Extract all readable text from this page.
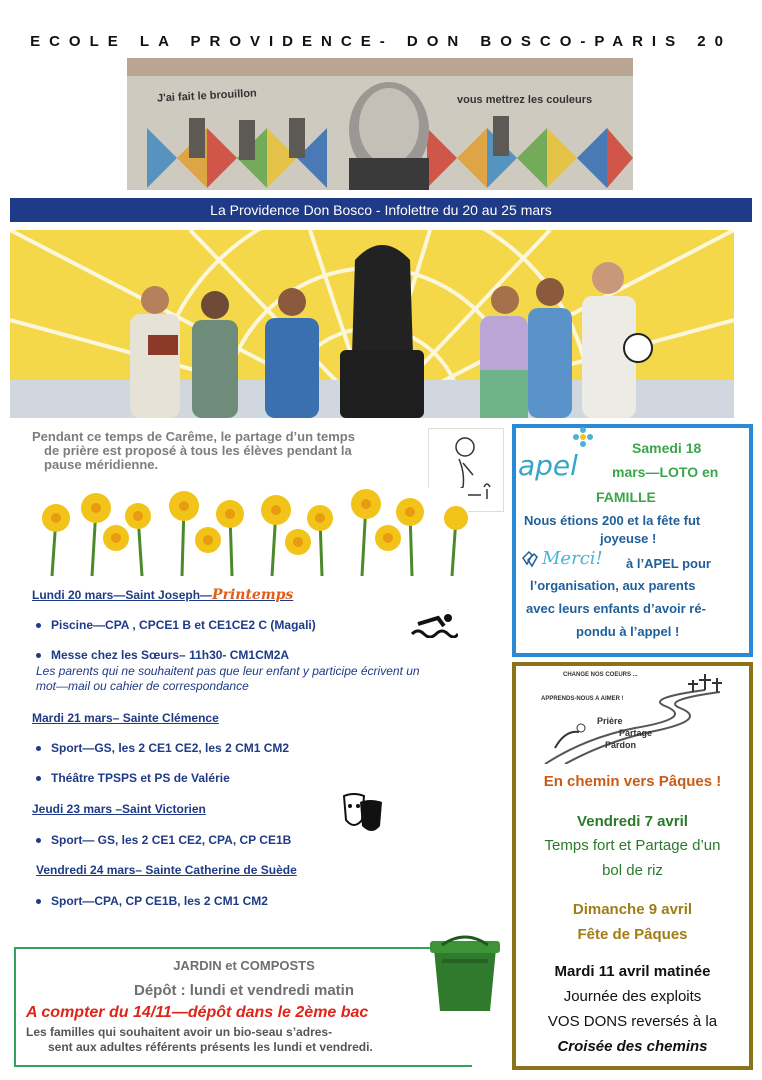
ECOLE LA PROVIDENCE- DON BOSCO-PARIS 20
J'ai fait le brouillon	vous mettrez les couleurs
La Providence Don Bosco - Infolettre du 20 au 25 mars
Pendant ce temps de Carême, le partage d’un temps
de prière est proposé à tous les élèves pendant la
pause méridienne.
Lundi 20 mars—Saint Joseph—Printemps
Piscine—CPA , CPCE1 B et CE1CE2 C (Magali)
Messe chez les Sœurs– 11h30- CM1CM2A
Les parents qui ne souhaitent pas que leur enfant y participe écrivent un
mot—mail ou cahier de correspondance
Mardi 21 mars– Sainte Clémence
Sport—GS, les 2 CE1 CE2, les 2 CM1 CM2
Théâtre TPSPS et PS de Valérie
Jeudi 23 mars –Saint Victorien
Sport— GS, les 2 CE1 CE2, CPA, CP CE1B
Vendredi 24 mars– Sainte Catherine de Suède
Sport—CPA, CP CE1B, les 2 CM1 CM2
JARDIN et COMPOSTS
Dépôt : lundi et vendredi matin
A compter du 14/11—dépôt dans le 2ème bac
Les familles qui souhaitent avoir un bio-seau s’adres-
sent aux adultes référents présents les lundi et vendredi.
apel
Samedi 18
mars—LOTO en
FAMILLE
Nous étions 200 et la fête fut
joyeuse !
Merci! à l’APEL pour
l’organisation, aux parents
avec leurs enfants d’avoir ré-
pondu à l’appel !
CHANGE NOS COEURS ...
APPRENDS-NOUS A AIMER !
Prière
Partage
Pardon
En chemin vers Pâques !
Vendredi 7 avril
Temps fort et Partage d’un
bol de riz
Dimanche 9 avril
Fête de Pâques
Mardi 11 avril matinée
Journée des exploits
VOS DONS reversés à la
Croisée des chemins
